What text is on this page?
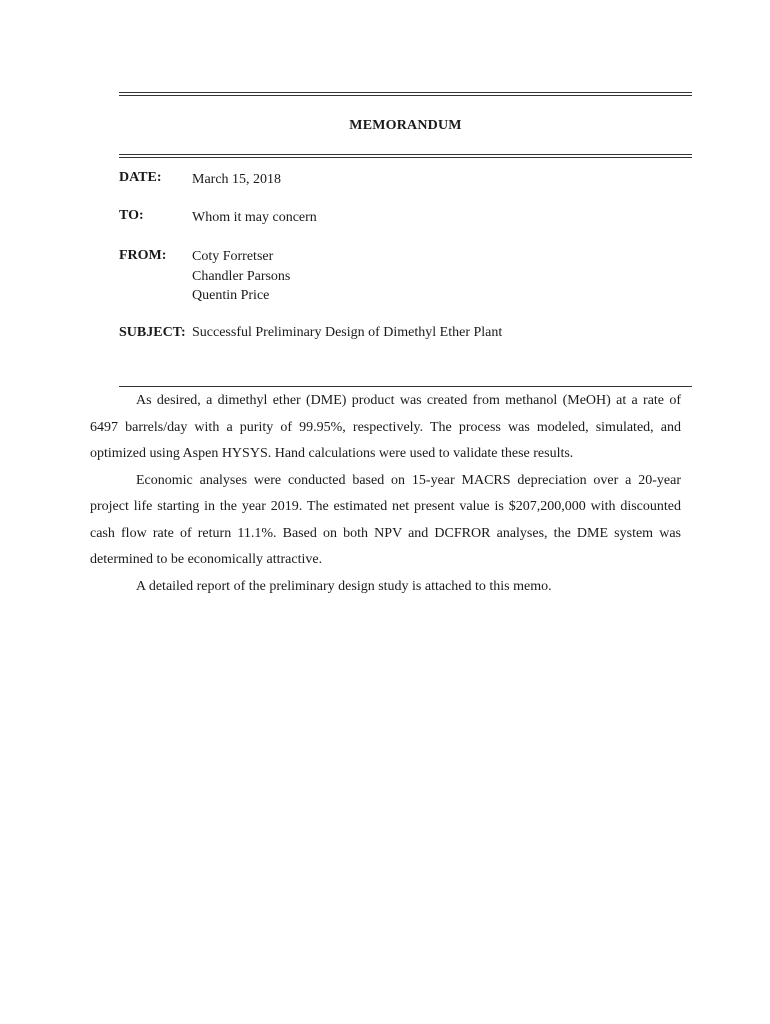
MEMORANDUM
DATE: March 15, 2018
TO:	Whom it may concern
FROM: Coty Forretser
Chandler Parsons
Quentin Price
SUBJECT: Successful Preliminary Design of Dimethyl Ether Plant

As desired, a dimethyl ether (DME) product was created from methanol (MeOH) at a rate of 6497 barrels/day with a purity of 99.95%, respectively. The process was modeled, simulated, and optimized using Aspen HYSYS. Hand calculations were used to validate these results.

Economic analyses were conducted based on 15-year MACRS depreciation over a 20-year project life starting in the year 2019. The estimated net present value is $207,200,000 with discounted cash flow rate of return 11.1%. Based on both NPV and DCFROR analyses, the DME system was determined to be economically attractive.

A detailed report of the preliminary design study is attached to this memo.
